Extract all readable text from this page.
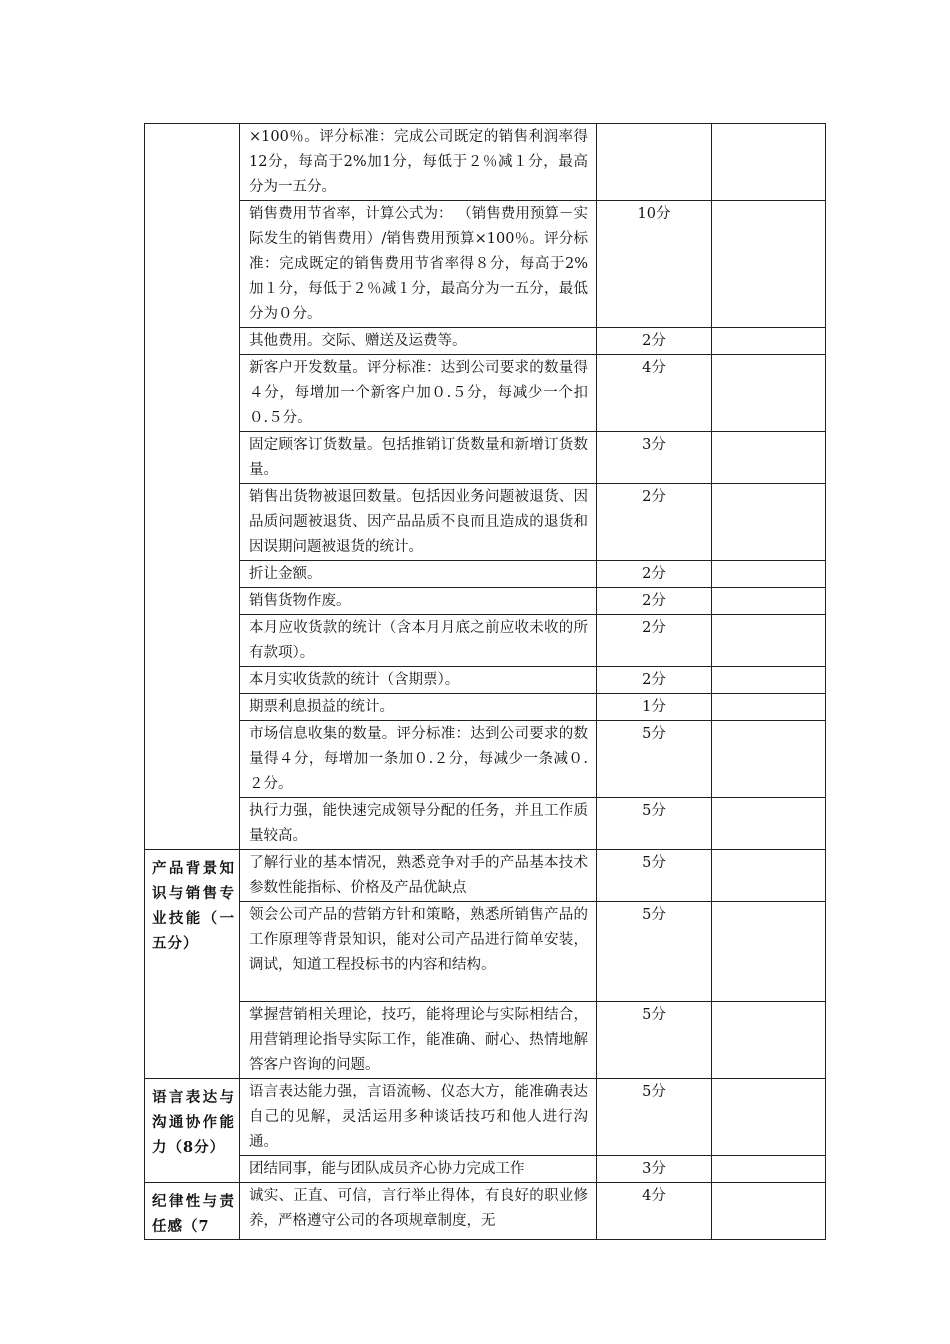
	×100％。评分标准：完成公司既定的销售利润率得12分，每高于2%加1分，每低于２％减１分，最高分为一五分。		
	销售费用节省率，计算公式为： （销售费用预算－实际发生的销售费用）/销售费用预算×100％。评分标准：完成既定的销售费用节省率得８分，每高于2%加１分，每低于２％减１分，最高分为一五分，最低分为０分。	10分	
	其他费用。交际、赠送及运费等。	2分	
	新客户开发数量。评分标准：达到公司要求的数量得４分，每增加一个新客户加０.５分，每减少一个扣０.５分。	4分	
	固定顾客订货数量。包括推销订货数量和新增订货数量。	3分	
	销售出货物被退回数量。包括因业务问题被退货、因品质问题被退货、因产品品质不良而且造成的退货和因误期问题被退货的统计。	2分	
	折让金额。	2分	
	销售货物作废。	2分	
	本月应收货款的统计（含本月月底之前应收未收的所有款项）。	2分	
	本月实收货款的统计（含期票）。	2分	
	期票利息损益的统计。	1分	
	市场信息收集的数量。评分标准：达到公司要求的数量得４分，每增加一条加０.２分，每减少一条减０.２分。	5分	
	执行力强，能快速完成领导分配的任务，并且工作质量较高。	5分	
产品背景知识与销售专业技能（一五分）	了解行业的基本情况，熟悉竞争对手的产品基本技术参数性能指标、价格及产品优缺点	5分	
	领会公司产品的营销方针和策略，熟悉所销售产品的工作原理等背景知识，能对公司产品进行简单安装，调试，知道工程投标书的内容和结构。	5分	
	掌握营销相关理论，技巧，能将理论与实际相结合，用营销理论指导实际工作，能准确、耐心、热情地解答客户咨询的问题。	5分	
语言表达与沟通协作能力（8分）	语言表达能力强，言语流畅、仪态大方，能准确表达自己的见解，灵活运用多种谈话技巧和他人进行沟通。	5分	
	团结同事，能与团队成员齐心协力完成工作	3分	
纪律性与责任感（7	诚实、正直、可信，言行举止得体，有良好的职业修养，严格遵守公司的各项规章制度，无	4分	
